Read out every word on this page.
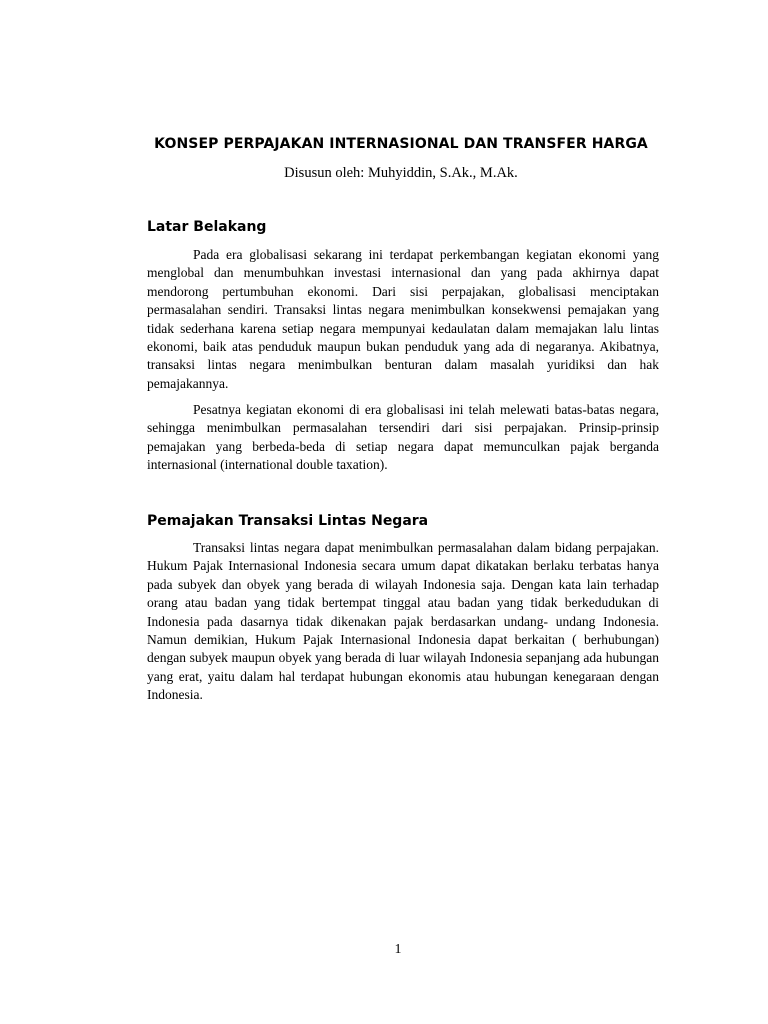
KONSEP PERPAJAKAN INTERNASIONAL DAN TRANSFER HARGA
Disusun oleh: Muhyiddin, S.Ak., M.Ak.
Latar Belakang

Pada era globalisasi sekarang ini terdapat perkembangan kegiatan ekonomi yang menglobal dan menumbuhkan investasi internasional dan yang pada akhirnya dapat mendorong pertumbuhan ekonomi. Dari sisi perpajakan, globalisasi menciptakan permasalahan sendiri. Transaksi lintas negara menimbulkan konsekwensi pemajakan yang tidak sederhana karena setiap negara mempunyai kedaulatan dalam memajakan lalu lintas ekonomi, baik atas penduduk maupun bukan penduduk yang ada di negaranya. Akibatnya, transaksi lintas negara menimbulkan benturan dalam masalah yuridiksi dan hak pemajakannya.

Pesatnya kegiatan ekonomi di era globalisasi ini telah melewati batas-batas negara, sehingga menimbulkan permasalahan tersendiri dari sisi perpajakan. Prinsip-prinsip pemajakan yang berbeda-beda di setiap negara dapat memunculkan pajak berganda internasional (international double taxation).

Pemajakan Transaksi Lintas Negara

Transaksi lintas negara dapat menimbulkan permasalahan dalam bidang perpajakan. Hukum Pajak Internasional Indonesia secara umum dapat dikatakan berlaku terbatas hanya pada subyek dan obyek yang berada di wilayah Indonesia saja. Dengan kata lain terhadap orang atau badan yang tidak bertempat tinggal atau badan yang tidak berkedudukan di Indonesia pada dasarnya tidak dikenakan pajak berdasarkan undang- undang Indonesia. Namun demikian, Hukum Pajak Internasional Indonesia dapat berkaitan ( berhubungan) dengan subyek maupun obyek yang berada di luar wilayah Indonesia sepanjang ada hubungan yang erat, yaitu dalam hal terdapat hubungan ekonomis atau hubungan kenegaraan dengan Indonesia.

1
